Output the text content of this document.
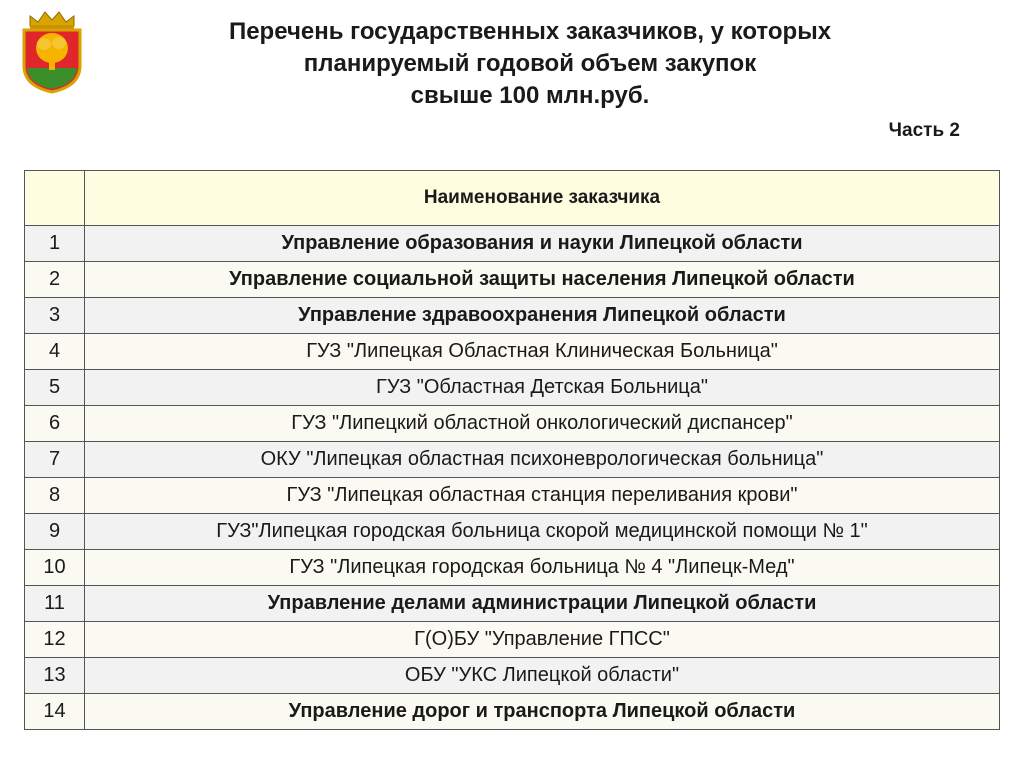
Перечень государственных заказчиков, у которых
планируемый годовой объем закупок
свыше 100 млн.руб.
Часть 2
	Наименование заказчика
1	Управление образования и науки Липецкой области
2	Управление социальной защиты населения Липецкой области
3	Управление здравоохранения Липецкой области
4	ГУЗ "Липецкая Областная Клиническая Больница"
5	ГУЗ "Областная Детская Больница"
6	ГУЗ "Липецкий областной онкологический диспансер"
7	ОКУ "Липецкая областная психоневрологическая больница"
8	ГУЗ "Липецкая областная станция переливания крови"
9	ГУЗ"Липецкая городская больница скорой медицинской помощи № 1"
10	ГУЗ "Липецкая городская больница № 4 "Липецк-Мед"
11	Управление делами администрации Липецкой области
12	Г(О)БУ "Управление ГПСС"
13	ОБУ "УКС Липецкой области"
14	Управление дорог и транспорта Липецкой области
